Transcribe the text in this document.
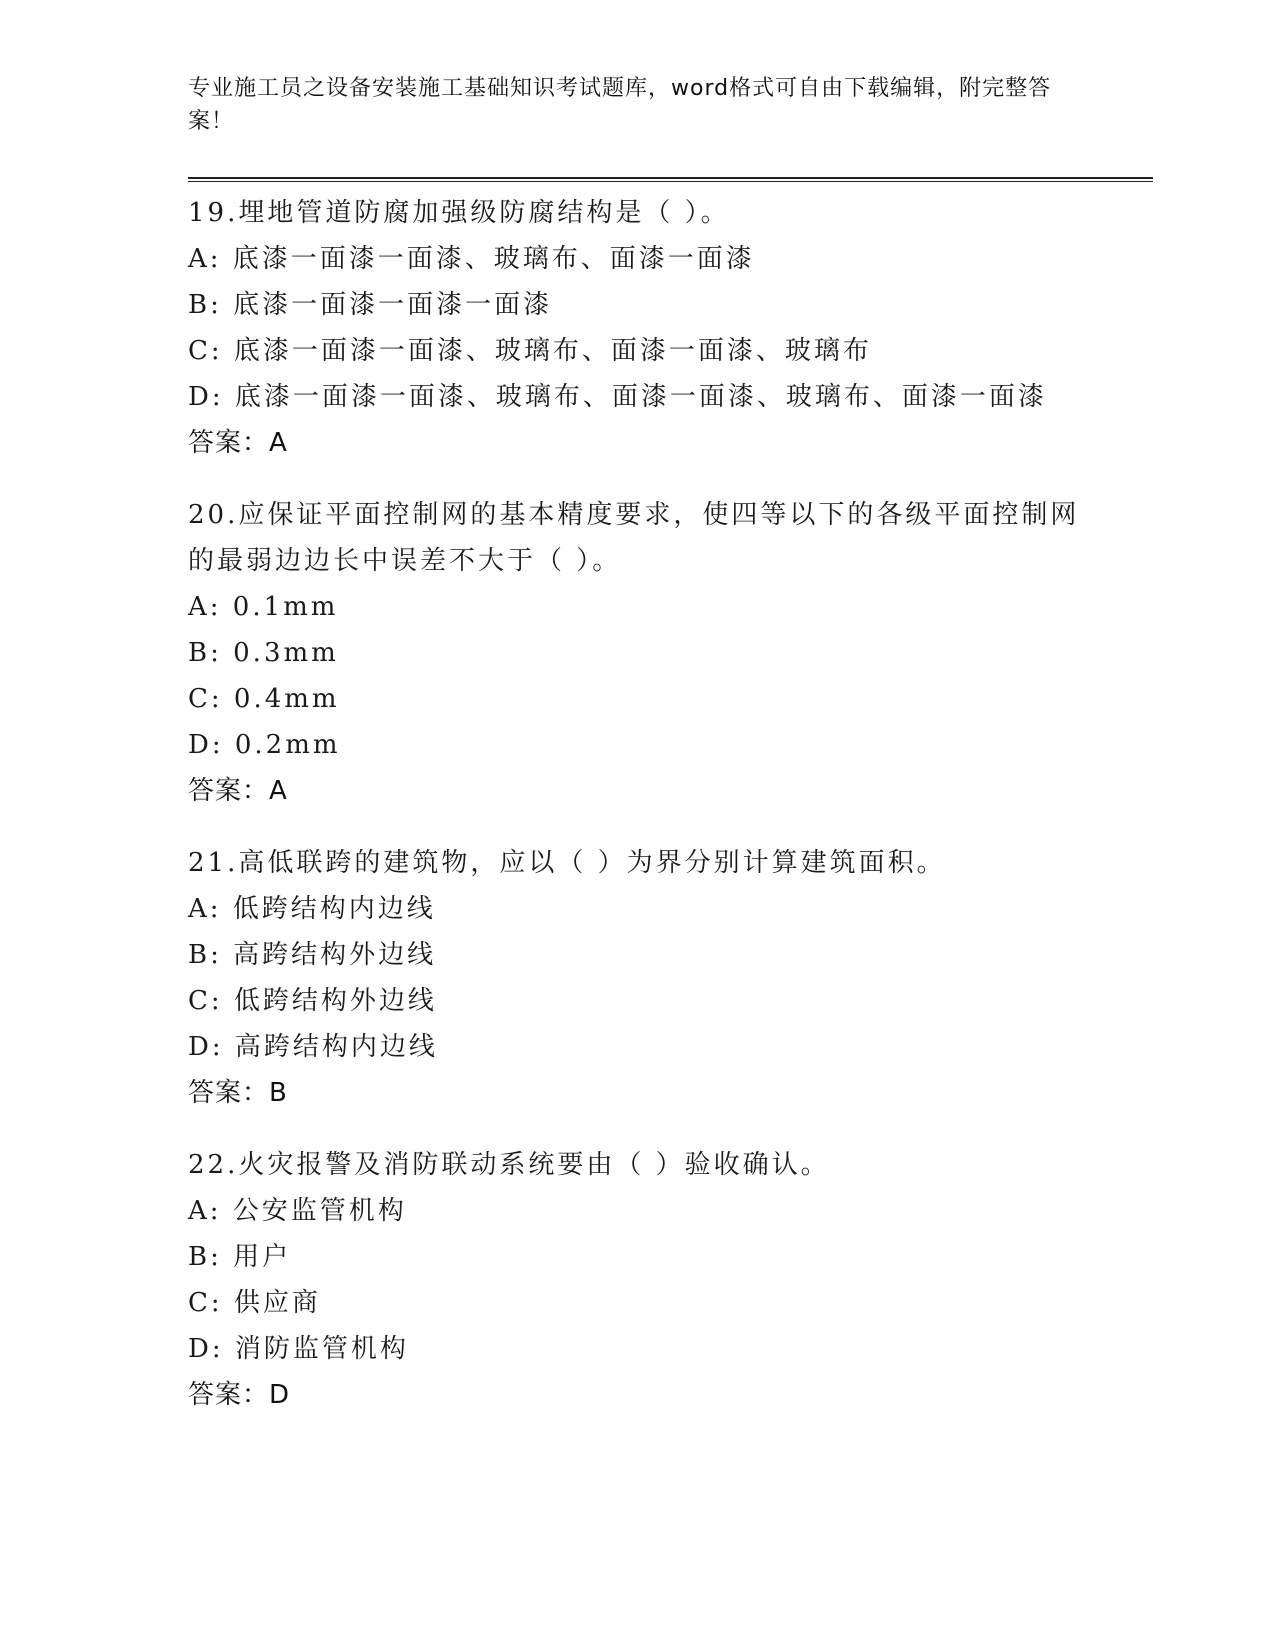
专业施工员之设备安装施工基础知识考试题库，word格式可自由下载编辑，附完整答案！
19.埋地管道防腐加强级防腐结构是（ ）。
A: 底漆一面漆一面漆、玻璃布、面漆一面漆
B: 底漆一面漆一面漆一面漆
C: 底漆一面漆一面漆、玻璃布、面漆一面漆、玻璃布
D: 底漆一面漆一面漆、玻璃布、面漆一面漆、玻璃布、面漆一面漆
答案：A
20.应保证平面控制网的基本精度要求，使四等以下的各级平面控制网的最弱边边长中误差不大于（ ）。
A: 0.1mm
B: 0.3mm
C: 0.4mm
D: 0.2mm
答案：A
21.高低联跨的建筑物，应以（ ）为界分别计算建筑面积。
A: 低跨结构内边线
B: 高跨结构外边线
C: 低跨结构外边线
D: 高跨结构内边线
答案：B
22.火灾报警及消防联动系统要由（ ）验收确认。
A: 公安监管机构
B: 用户
C: 供应商
D: 消防监管机构
答案：D
